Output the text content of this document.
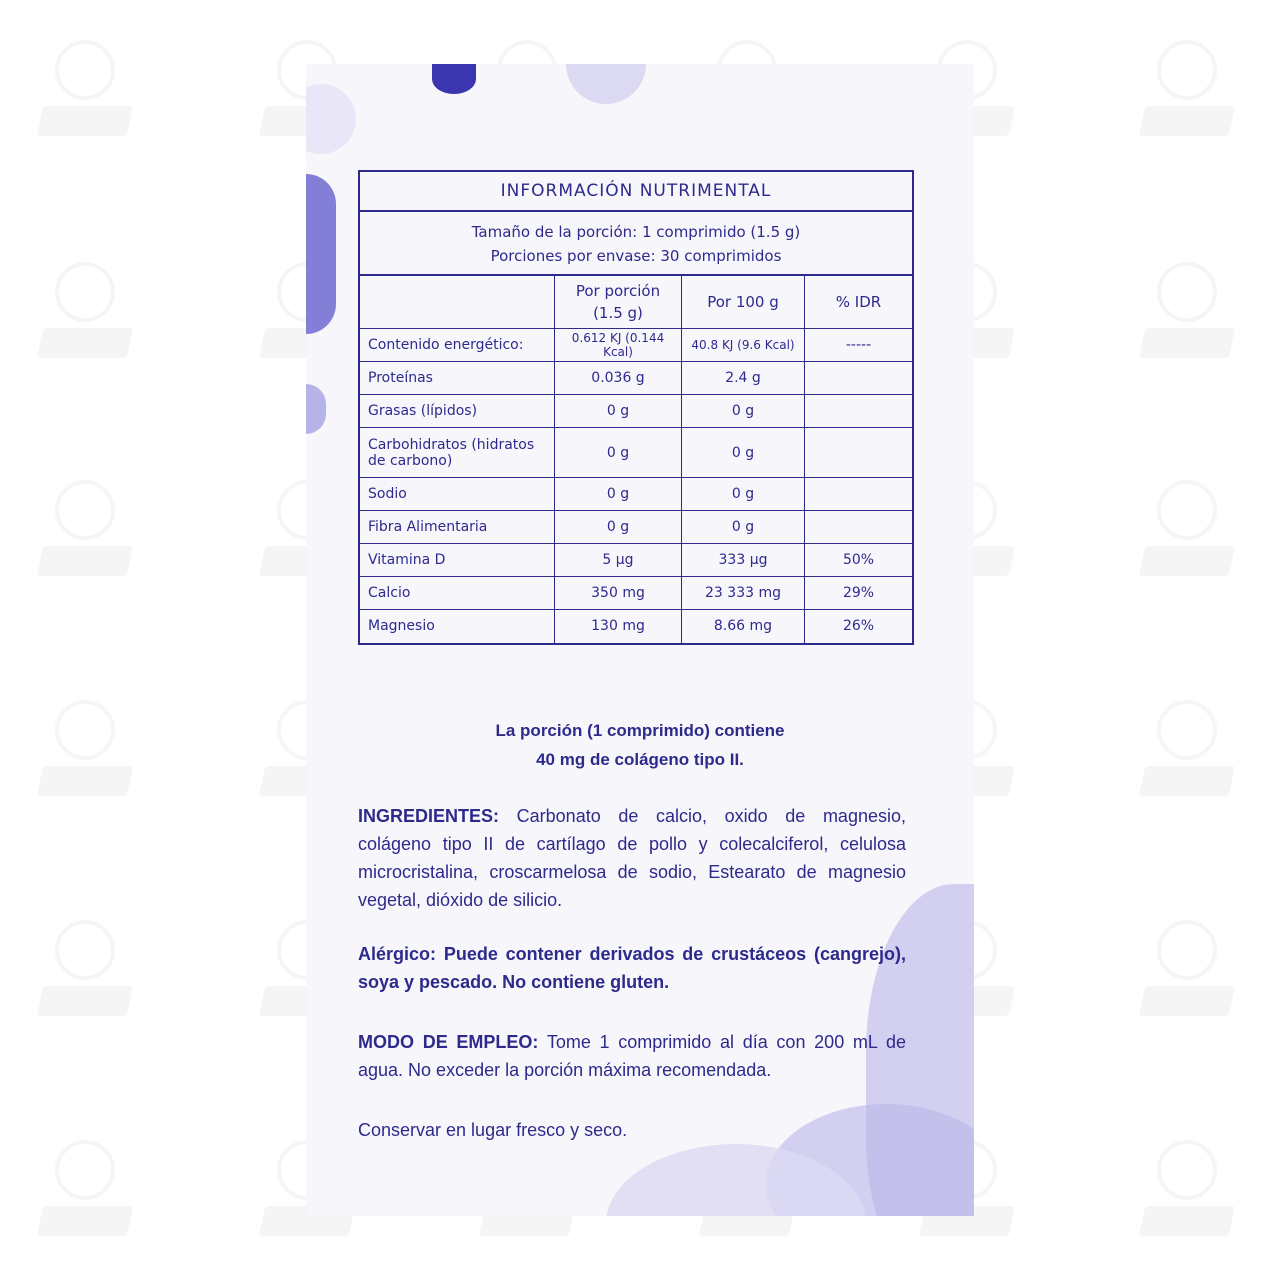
INFORMACIÓN NUTRIMENTAL
Tamaño de la porción: 1 comprimido (1.5 g)
Porciones por envase: 30 comprimidos
	Por porción (1.5 g)	Por 100 g	% IDR
Contenido energético:	0.612 KJ (0.144 Kcal)	40.8 KJ (9.6 Kcal)	-----
Proteínas	0.036 g	2.4 g	
Grasas (lípidos)	0 g	0 g	
Carbohidratos (hidratos de carbono)	0 g	0 g	
Sodio	0 g	0 g	
Fibra Alimentaria	0 g	0 g	
Vitamina D	5 µg	333 µg	50%
Calcio	350 mg	23 333 mg	29%
Magnesio	130 mg	8.66 mg	26%
La porción (1 comprimido) contiene
40 mg de colágeno tipo II.
INGREDIENTES: Carbonato de calcio, oxido de magnesio, colágeno tipo II de cartílago de pollo y colecalciferol, celulosa microcristalina, croscarmelosa de sodio, Estearato de magnesio vegetal, dióxido de silicio.
Alérgico: Puede contener derivados de crustáceos (cangrejo), soya y pescado. No contiene gluten.
MODO DE EMPLEO: Tome 1 comprimido al día con 200 mL de agua. No exceder la porción máxima recomendada.
Conservar en lugar fresco y seco.
